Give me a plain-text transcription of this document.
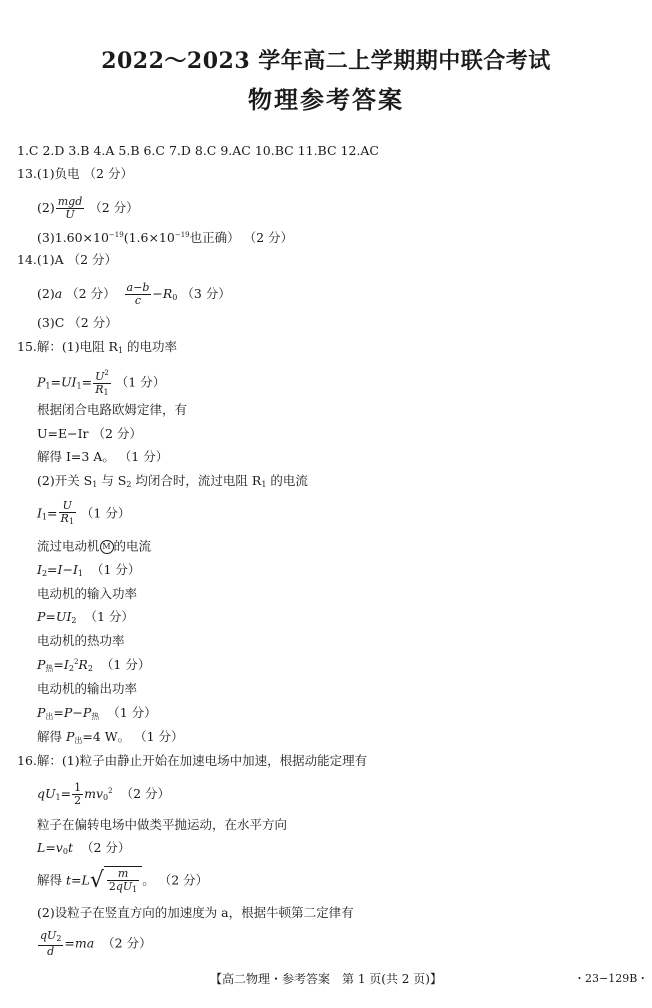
2022～2023 学年高二上学期期中联合考试
物理参考答案
1.C 2.D 3.B 4.A 5.B 6.C 7.D 8.C 9.AC 10.BC 11.BC 12.AC
13.(1)负电 （2 分）
$(2) \frac{\text{mgd}}{U} (2$ 分）
$(3)1.60\times 10^{-19}(1.6\times 10^{-19}$也正确） （2 分）
14.(1)A （2 分）
(2)a （2 分） $\frac{a-b}{c} -R_0$ （3 分）
(3)C （2 分）
15.解：(1)电阻 $R_1$ 的电功率
$P_1=UI_1= \frac{U^2}{R_1} (1$ 分）
根据闭合电路欧姆定律，有
U=E−Ir （2 分）
解得 I=3 A。 （1 分）
(2)开关 $S_1$ 与 $S_2$ 均闭合时，流过电阻 $R_1$ 的电流
$I_1= \frac{U}{R_1} (1$ 分）
流过电动机 M 的电流
$I_2=I-I_1$ （1 分）
电动机的输入功率
$P=UI_2$ （1 分）
电动机的热功率
$P_热=I_2^2R_2$ （1 分）
电动机的输出功率
$P_出=P-P_热$ （1 分）
解得 $P_出=4$ W。 （1 分）
16.解：(1)粒子由静止开始在加速电场中加速，根据动能定理有
$qU_1= \frac{1}{2} mv_0^2$ （2 分）
粒子在偏转电场中做类平抛运动，在水平方向
$L=v_0t$ （2 分）
解得 $t=L√ \frac{m}{2qU_1}$ 。 （2 分）
(2)设粒子在竖直方向的加速度为 a，根据牛顿第二定律有
$\frac{qU_2}{d} =ma$ （2 分）
【高二物理・参考答案　第 1 页(共 2 页)】	・23−129B・
